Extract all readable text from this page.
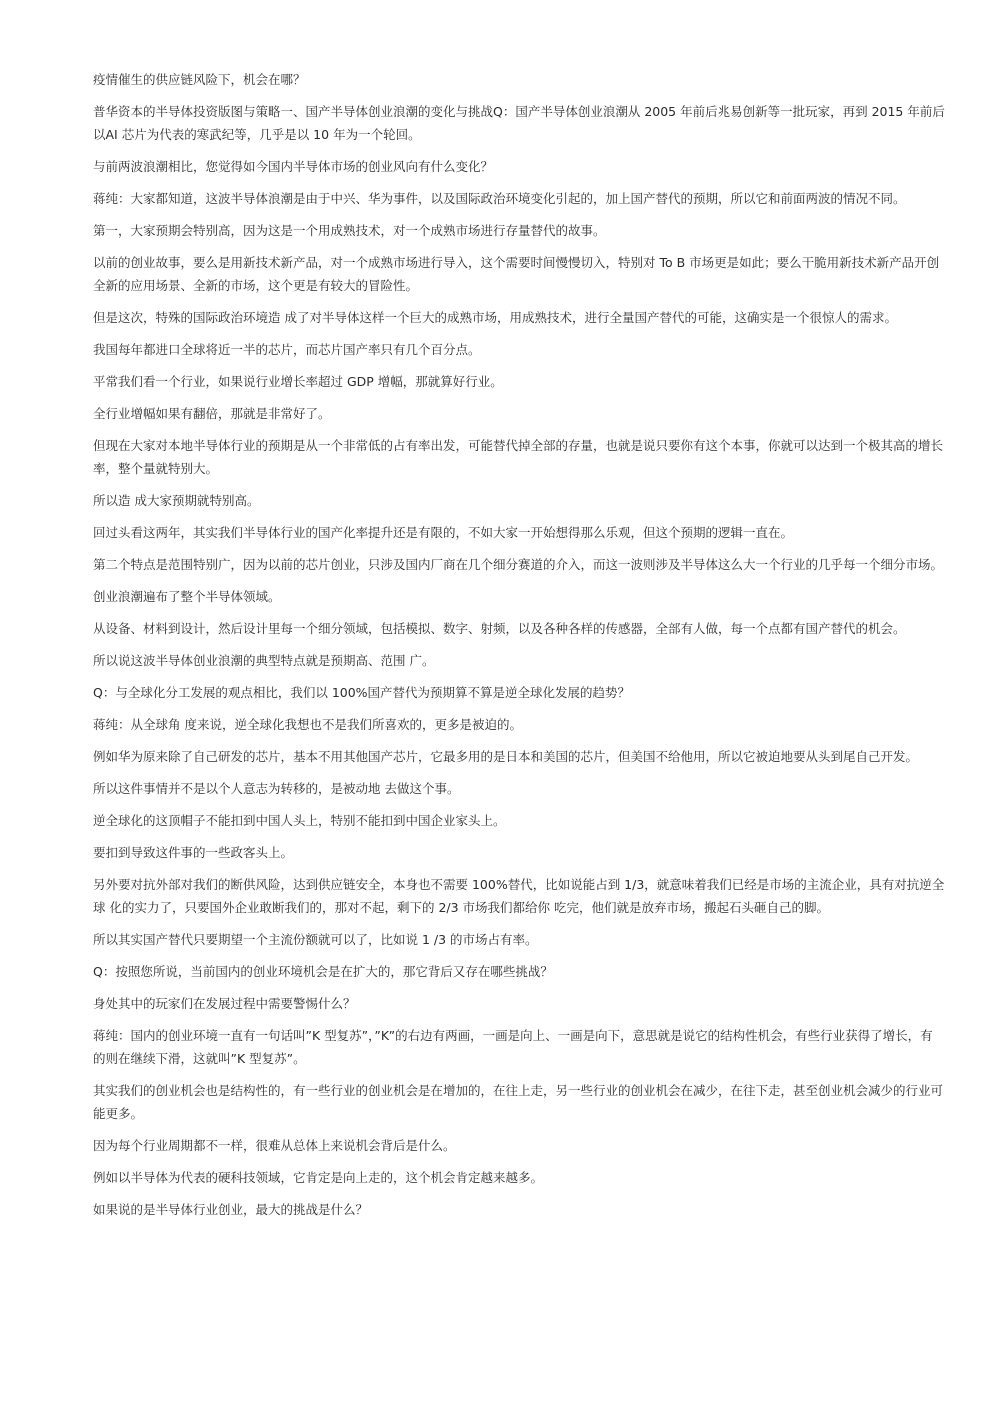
疫情催生的供应链风险下，机会在哪？

普华资本的半导体投资版图与策略一、国产半导体创业浪潮的变化与挑战Q：国产半导体创业浪潮从 2005 年前后兆易创新等一批玩家，再到 2015 年前后以AI 芯片为代表的寒武纪等，几乎是以 10 年为一个轮回。

与前两波浪潮相比，您觉得如今国内半导体市场的创业风向有什么变化？

蒋纯：大家都知道，这波半导体浪潮是由于中兴、华为事件，以及国际政治环境变化引起的，加上国产替代的预期，所以它和前面两波的情况不同。

第一，大家预期会特别高，因为这是一个用成熟技术，对一个成熟市场进行存量替代的故事。

以前的创业故事，要么是用新技术新产品，对一个成熟市场进行导入，这个需要时间慢慢切入，特别对 To B 市场更是如此；要么干脆用新技术新产品开创全新的应用场景、全新的市场，这个更是有较大的冒险性。

但是这次，特殊的国际政治环境造 成了对半导体这样一个巨大的成熟市场，用成熟技术，进行全量国产替代的可能，这确实是一个很惊人的需求。

我国每年都进口全球将近一半的芯片，而芯片国产率只有几个百分点。

平常我们看一个行业，如果说行业增长率超过 GDP 增幅，那就算好行业。

全行业增幅如果有翻倍，那就是非常好了。

但现在大家对本地半导体行业的预期是从一个非常低的占有率出发，可能替代掉全部的存量，也就是说只要你有这个本事，你就可以达到一个极其高的增长率，整个量就特别大。

所以造 成大家预期就特别高。

回过头看这两年，其实我们半导体行业的国产化率提升还是有限的，不如大家一开始想得那么乐观，但这个预期的逻辑一直在。

第二个特点是范围特别广，因为以前的芯片创业，只涉及国内厂商在几个细分赛道的介入，而这一波则涉及半导体这么大一个行业的几乎每一个细分市场。

创业浪潮遍布了整个半导体领域。

从设备、材料到设计，然后设计里每一个细分领域，包括模拟、数字、射频，以及各种各样的传感器，全部有人做，每一个点都有国产替代的机会。

所以说这波半导体创业浪潮的典型特点就是预期高、范围 广。

Q：与全球化分工发展的观点相比，我们以 100%国产替代为预期算不算是逆全球化发展的趋势？

蒋纯：从全球角 度来说，逆全球化我想也不是我们所喜欢的，更多是被迫的。

例如华为原来除了自己研发的芯片，基本不用其他国产芯片，它最多用的是日本和美国的芯片，但美国不给他用，所以它被迫地要从头到尾自己开发。

所以这件事情并不是以个人意志为转移的，是被动地 去做这个事。

逆全球化的这顶帽子不能扣到中国人头上，特别不能扣到中国企业家头上。

要扣到导致这件事的一些政客头上。

另外要对抗外部对我们的断供风险，达到供应链安全，本身也不需要 100%替代，比如说能占到 1/3，就意味着我们已经是市场的主流企业，具有对抗逆全球 化的实力了，只要国外企业敢断我们的，那对不起，剩下的 2/3 市场我们都给你 吃完，他们就是放弃市场，搬起石头砸自己的脚。

所以其实国产替代只要期望一个主流份额就可以了，比如说 1 /3 的市场占有率。

Q：按照您所说，当前国内的创业环境机会是在扩大的，那它背后又存在哪些挑战？

身处其中的玩家们在发展过程中需要警惕什么？

蒋纯：国内的创业环境一直有一句话叫”K 型复苏”，”K”的右边有两画，一画是向上、一画是向下，意思就是说它的结构性机会，有些行业获得了增长，有的则在继续下滑，这就叫”K 型复苏”。

其实我们的创业机会也是结构性的，有一些行业的创业机会是在增加的，在往上走，另一些行业的创业机会在减少，在往下走，甚至创业机会减少的行业可能更多。

因为每个行业周期都不一样，很难从总体上来说机会背后是什么。

例如以半导体为代表的硬科技领域，它肯定是向上走的，这个机会肯定越来越多。

如果说的是半导体行业创业，最大的挑战是什么？
